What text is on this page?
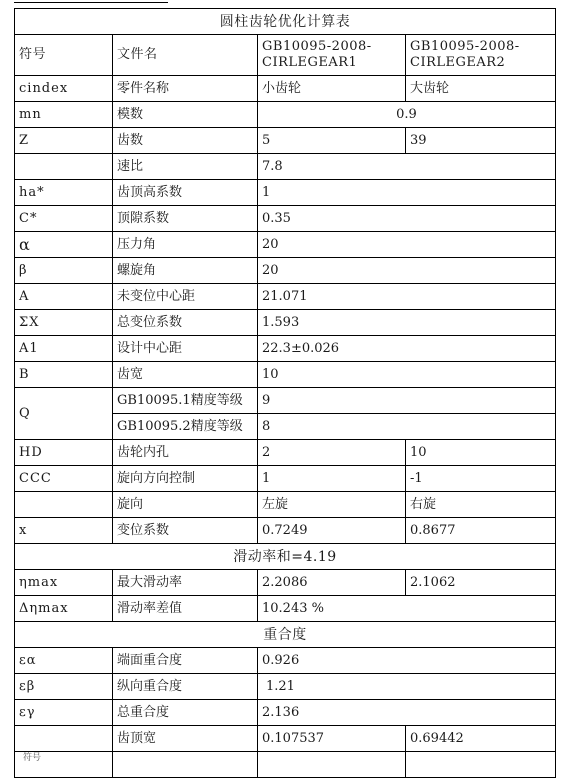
圆柱齿轮优化计算表			
符号	文件名	GB10095-2008-CIRLEGEAR1	GB10095-2008-CIRLEGEAR2
cindex	零件名称	小齿轮	大齿轮
mn	模数	0.9	
Z	齿数	5	39
	速比	7.8	
ha*	齿顶高系数	1	
C*	顶隙系数	0.35	
α	压力角	20	
β	螺旋角	20	
A	未变位中心距	21.071	
ΣX	总变位系数	1.593	
A1	设计中心距	22.3±0.026	
B	齿宽	10	
Q	GB10095.1精度等级	9	
	GB10095.2精度等级	8	
HD	齿轮内孔	2	10
CCC	旋向方向控制	1	-1
	旋向	左旋	右旋
x	变位系数	0.7249	0.8677
滑动率和=4.19			
ηmax	最大滑动率	2.2086	2.1062
Δηmax	滑动率差值	10.243 %	
重合度			
εα	端面重合度	0.926	
εβ	纵向重合度	1.21	
εγ	总重合度	2.136	
	齿顶宽	0.107537	0.69442

符号			
